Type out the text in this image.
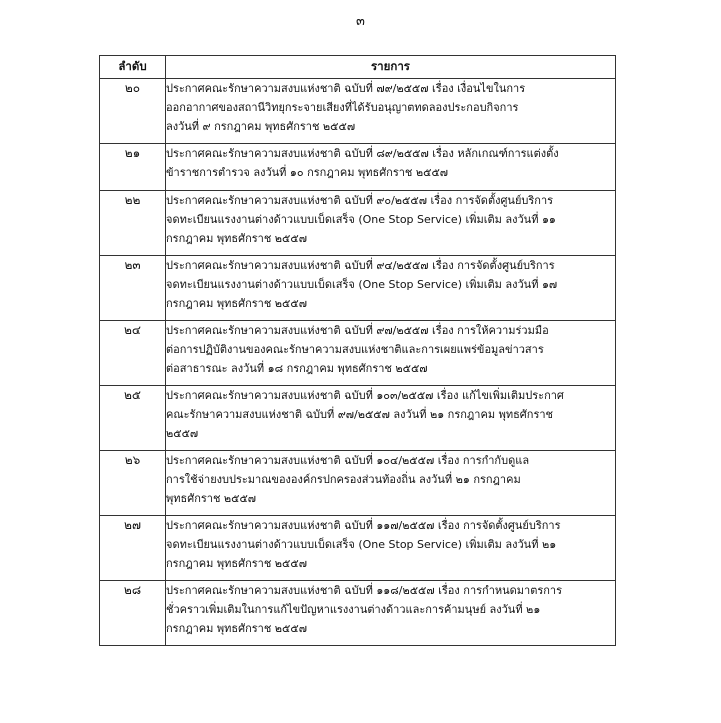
๓
ลำดับ	รายการ
๒๐	ประกาศคณะรักษาความสงบแห่งชาติ ฉบับที่ ๗๙/๒๕๕๗ เรื่อง เงื่อนไขในการ
ออกอากาศของสถานีวิทยุกระจายเสียงที่ได้รับอนุญาตทดลองประกอบกิจการ
ลงวันที่ ๙ กรกฎาคม พุทธศักราช ๒๕๕๗

๒๑	ประกาศคณะรักษาความสงบแห่งชาติ ฉบับที่ ๘๙/๒๕๕๗ เรื่อง หลักเกณฑ์การแต่งตั้ง
ข้าราชการตำรวจ ลงวันที่ ๑๐ กรกฎาคม พุทธศักราช ๒๕๕๗

๒๒	ประกาศคณะรักษาความสงบแห่งชาติ ฉบับที่ ๙๐/๒๕๕๗ เรื่อง การจัดตั้งศูนย์บริการ
จดทะเบียนแรงงานต่างด้าวแบบเบ็ดเสร็จ (One Stop Service) เพิ่มเติม ลงวันที่ ๑๑
กรกฎาคม พุทธศักราช ๒๕๕๗

๒๓	ประกาศคณะรักษาความสงบแห่งชาติ ฉบับที่ ๙๔/๒๕๕๗ เรื่อง การจัดตั้งศูนย์บริการ
จดทะเบียนแรงงานต่างด้าวแบบเบ็ดเสร็จ (One Stop Service) เพิ่มเติม ลงวันที่ ๑๗
กรกฎาคม พุทธศักราช ๒๕๕๗

๒๔	ประกาศคณะรักษาความสงบแห่งชาติ ฉบับที่ ๙๗/๒๕๕๗ เรื่อง การให้ความร่วมมือ
ต่อการปฏิบัติงานของคณะรักษาความสงบแห่งชาติและการเผยแพร่ข้อมูลข่าวสาร
ต่อสาธารณะ ลงวันที่ ๑๘ กรกฎาคม พุทธศักราช ๒๕๕๗

๒๕	ประกาศคณะรักษาความสงบแห่งชาติ ฉบับที่ ๑๐๓/๒๕๕๗ เรื่อง แก้ไขเพิ่มเติมประกาศ
คณะรักษาความสงบแห่งชาติ ฉบับที่ ๙๗/๒๕๕๗ ลงวันที่ ๒๑ กรกฎาคม พุทธศักราช
๒๕๕๗

๒๖	ประกาศคณะรักษาความสงบแห่งชาติ ฉบับที่ ๑๐๔/๒๕๕๗ เรื่อง การกำกับดูแล
การใช้จ่ายงบประมาณขององค์กรปกครองส่วนท้องถิ่น ลงวันที่ ๒๑ กรกฎาคม
พุทธศักราช ๒๕๕๗

๒๗	ประกาศคณะรักษาความสงบแห่งชาติ ฉบับที่ ๑๑๗/๒๕๕๗ เรื่อง การจัดตั้งศูนย์บริการ
จดทะเบียนแรงงานต่างด้าวแบบเบ็ดเสร็จ (One Stop Service) เพิ่มเติม ลงวันที่ ๒๑
กรกฎาคม พุทธศักราช ๒๕๕๗

๒๘	ประกาศคณะรักษาความสงบแห่งชาติ ฉบับที่ ๑๑๘/๒๕๕๗ เรื่อง การกำหนดมาตรการ
ชั่วคราวเพิ่มเติมในการแก้ไขปัญหาแรงงานต่างด้าวและการค้ามนุษย์ ลงวันที่ ๒๑
กรกฎาคม พุทธศักราช ๒๕๕๗
